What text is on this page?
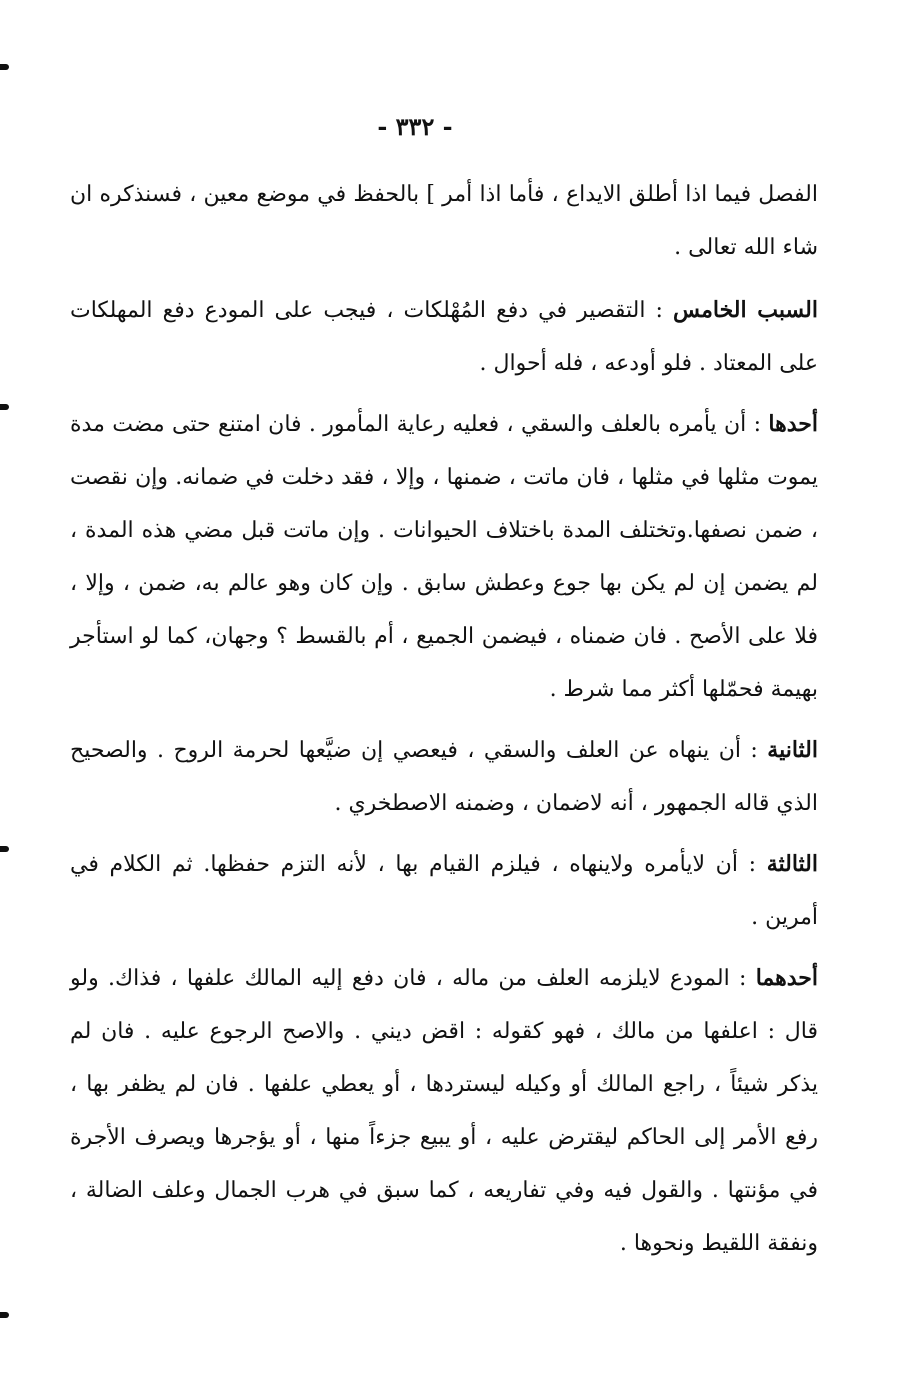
- ٣٣٢ -

الفصل فيما اذا أطلق الايداع ، فأما اذا أمر ] بالحفظ في موضع معين ، فسنذكره ان شاء الله تعالى .

السبب الخامس : التقصير في دفع المُهْلكات ، فيجب على المودع دفع المهلكات على المعتاد . فلو أودعه ، فله أحوال .

أحدها : أن يأمره بالعلف والسقي ، فعليه رعاية المأمور . فان امتنع حتى مضت مدة يموت مثلها في مثلها ، فان ماتت ، ضمنها ، وإلا ، فقد دخلت في ضمانه. وإن نقصت ، ضمن نصفها.وتختلف المدة باختلاف الحيوانات . وإن ماتت قبل مضي هذه المدة ، لم يضمن إن لم يكن بها جوع وعطش سابق . وإن كان وهو عالم به، ضمن ، وإلا ، فلا على الأصح . فان ضمناه ، فيضمن الجميع ، أم بالقسط ؟ وجهان، كما لو استأجر بهيمة فحمّلها أكثر مما شرط .

الثانية : أن ينهاه عن العلف والسقي ، فيعصي إن ضيَّعها لحرمة الروح . والصحيح الذي قاله الجمهور ، أنه لاضمان ، وضمنه الاصطخري .

الثالثة : أن لايأمره ولاينهاه ، فيلزم القيام بها ، لأنه التزم حفظها. ثم الكلام في أمرين .

أحدهما : المودع لايلزمه العلف من ماله ، فان دفع إليه المالك علفها ، فذاك. ولو قال : اعلفها من مالك ، فهو كقوله : اقض ديني . والاصح الرجوع عليه . فان لم يذكر شيئاً ، راجع المالك أو وكيله ليستردها ، أو يعطي علفها . فان لم يظفر بها ، رفع الأمر إلى الحاكم ليقترض عليه ، أو يبيع جزءاً منها ، أو يؤجرها ويصرف الأجرة في مؤنتها . والقول فيه وفي تفاريعه ، كما سبق في هرب الجمال وعلف الضالة ، ونفقة اللقيط ونحوها .
